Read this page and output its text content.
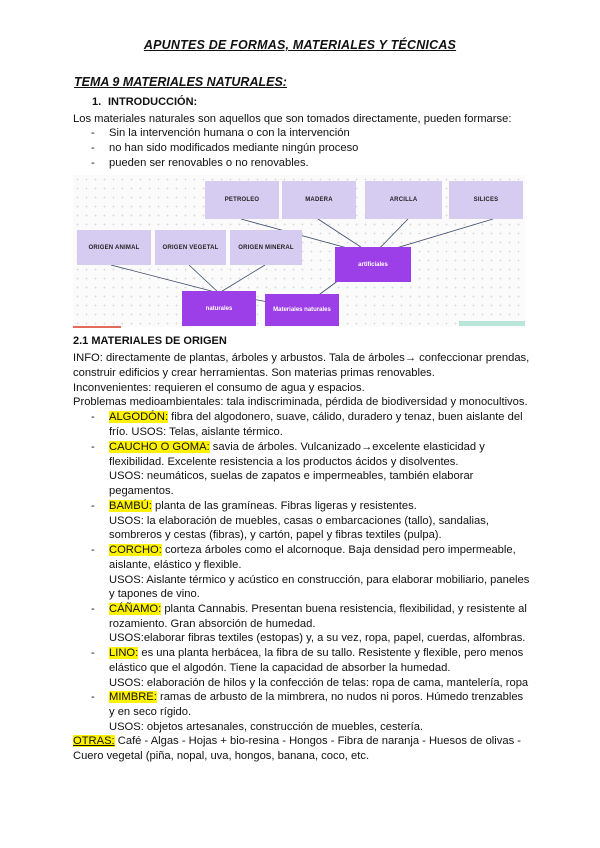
APUNTES DE FORMAS, MATERIALES Y TÉCNICAS
TEMA 9 MATERIALES NATURALES:
1. INTRODUCCIÓN:
Los materiales naturales son aquellos que son tomados directamente, pueden formarse:
- Sin la intervención humana o con la intervención
- no han sido modificados mediante ningún proceso
- pueden ser renovables o no renovables.
PETROLEO	MADERA	ARCILLA	SILICES
ORIGEN ANIMAL	ORIGEN VEGETAL	ORIGEN MINERAL
artificiales
naturales	Materiales naturales
2.1 MATERIALES DE ORIGEN
INFO: directamente de plantas, árboles y arbustos. Tala de árboles→ confeccionar prendas,
construir edificios y crear herramientas. Son materias primas renovables.
Inconvenientes: requieren el consumo de agua y espacios.
Problemas medioambientales: tala indiscriminada, pérdida de biodiversidad y monocultivos.
- ALGODÓN: fibra del algodonero, suave, cálido, duradero y tenaz, buen aislante del
frío. USOS: Telas, aislante térmico.
- CAUCHO O GOMA: savia de árboles. Vulcanizado→excelente elasticidad y
flexibilidad. Excelente resistencia a los productos ácidos y disolventes.
USOS: neumáticos, suelas de zapatos e impermeables, también elaborar
pegamentos.
- BAMBÚ: planta de las gramíneas. Fibras ligeras y resistentes.
USOS: la elaboración de muebles, casas o embarcaciones (tallo), sandalias,
sombreros y cestas (fibras), y cartón, papel y fibras textiles (pulpa).
- CORCHO: corteza árboles como el alcornoque. Baja densidad pero impermeable,
aislante, elástico y flexible.
USOS: Aislante térmico y acústico en construcción, para elaborar mobiliario, paneles
y tapones de vino.
- CÁÑAMO: planta Cannabis. Presentan buena resistencia, flexibilidad, y resistente al
rozamiento. Gran absorción de humedad.
USOS:elaborar fibras textiles (estopas) y, a su vez, ropa, papel, cuerdas, alfombras.
- LINO: es una planta herbácea, la fibra de su tallo. Resistente y flexible, pero menos
elástico que el algodón. Tiene la capacidad de absorber la humedad.
USOS: elaboración de hilos y la confección de telas: ropa de cama, mantelería, ropa
- MIMBRE: ramas de arbusto de la mimbrera, no nudos ni poros. Húmedo trenzables
y en seco rígido.
USOS: objetos artesanales, construcción de muebles, cestería.
OTRAS: Café - Algas - Hojas + bio-resina - Hongos - Fibra de naranja - Huesos de olivas -
Cuero vegetal (piña, nopal, uva, hongos, banana, coco, etc.
